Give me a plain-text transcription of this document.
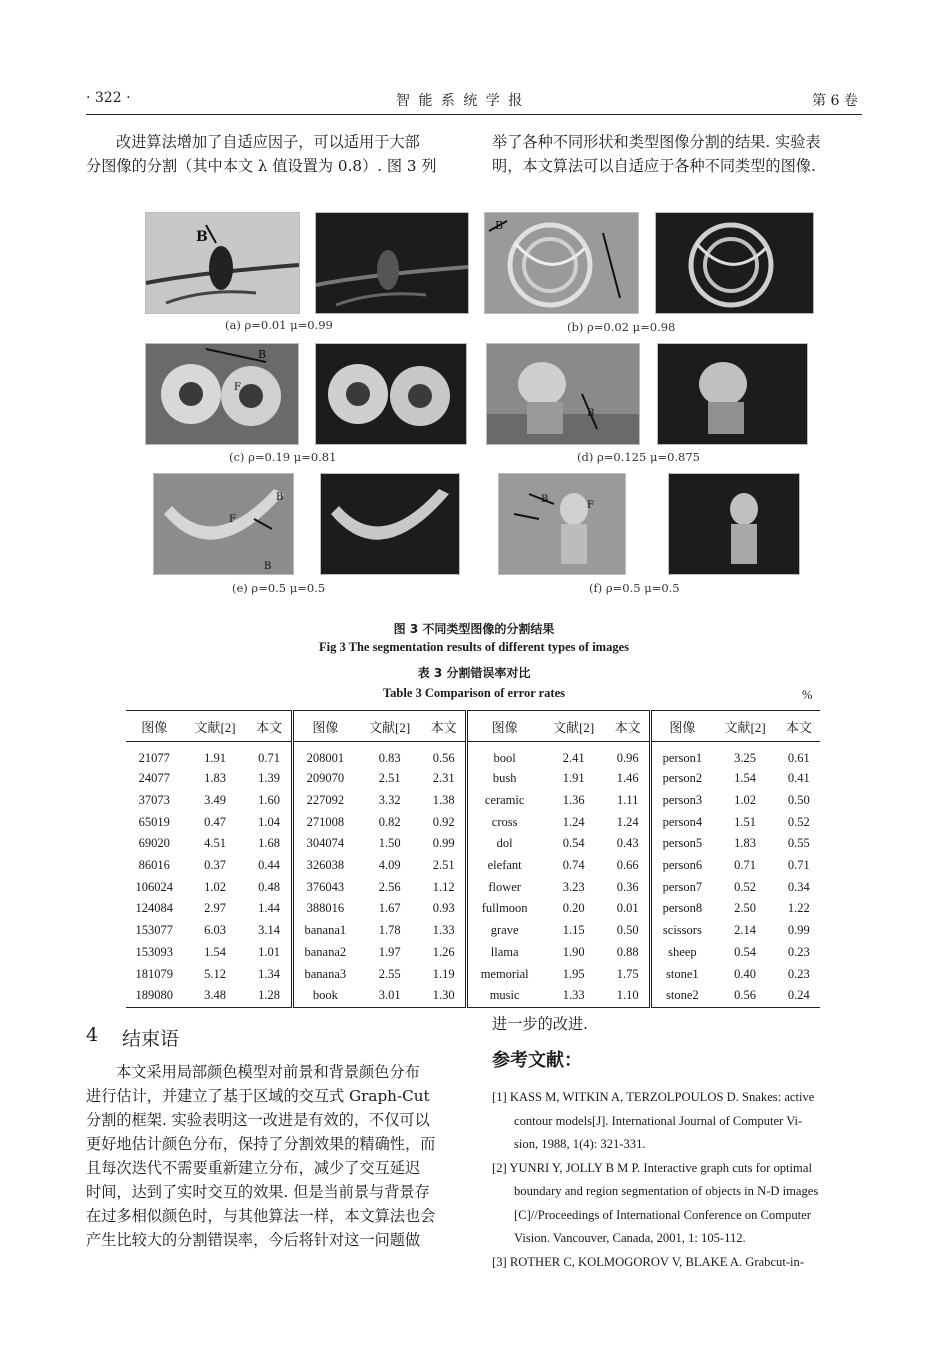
· 322 ·	智 能 系 统 学 报	第 6 卷
改进算法增加了自适应因子，可以适用于大部
分图像的分割（其中本文 λ 值设置为 0.8）. 图 3 列
举了各种不同形状和类型图像分割的结果. 实验表
明，本文算法可以自适应于各种不同类型的图像.
B
B
(a) ρ=0.01 μ=0.99	(b) ρ=0.02 μ=0.98
B
F
B
(c) ρ=0.19 μ=0.81	(d) ρ=0.125 μ=0.875
B
F
B
B
F
(e) ρ=0.5 μ=0.5	(f) ρ=0.5 μ=0.5
图 3 不同类型图像的分割结果
Fig 3 The segmentation results of different types of images
表 3 分割错误率对比
Table 3 Comparison of error rates	%
图像	文献[2]	本文	图像	文献[2]	本文	图像	文献[2]	本文	图像	文献[2]	本文
21077	1.91	0.71	208001	0.83	0.56	bool	2.41	0.96	person1	3.25	0.61
24077	1.83	1.39	209070	2.51	2.31	bush	1.91	1.46	person2	1.54	0.41
37073	3.49	1.60	227092	3.32	1.38	ceramic	1.36	1.11	person3	1.02	0.50
65019	0.47	1.04	271008	0.82	0.92	cross	1.24	1.24	person4	1.51	0.52
69020	4.51	1.68	304074	1.50	0.99	dol	0.54	0.43	person5	1.83	0.55
86016	0.37	0.44	326038	4.09	2.51	elefant	0.74	0.66	person6	0.71	0.71
106024	1.02	0.48	376043	2.56	1.12	flower	3.23	0.36	person7	0.52	0.34
124084	2.97	1.44	388016	1.67	0.93	fullmoon	0.20	0.01	person8	2.50	1.22
153077	6.03	3.14	banana1	1.78	1.33	grave	1.15	0.50	scissors	2.14	0.99
153093	1.54	1.01	banana2	1.97	1.26	llama	1.90	0.88	sheep	0.54	0.23
181079	5.12	1.34	banana3	2.55	1.19	memorial	1.95	1.75	stone1	0.40	0.23
189080	3.48	1.28	book	3.01	1.30	music	1.33	1.10	stone2	0.56	0.24
4 结束语
本文采用局部颜色模型对前景和背景颜色分布
进行估计，并建立了基于区域的交互式 Graph-Cut
分割的框架. 实验表明这一改进是有效的，不仅可以
更好地估计颜色分布，保持了分割效果的精确性，而
且每次迭代不需要重新建立分布，减少了交互延迟
时间，达到了实时交互的效果. 但是当前景与背景存
在过多相似颜色时，与其他算法一样，本文算法也会
产生比较大的分割错误率，今后将针对这一问题做
进一步的改进.
参考文献：
[1] KASS M, WITKIN A, TERZOLPOULOS D. Snakes: active
contour models[J]. International Journal of Computer Vi-
sion, 1988, 1(4): 321-331.
[2] YUNRI Y, JOLLY B M P. Interactive graph cuts for optimal
boundary and region segmentation of objects in N-D images
[C]//Proceedings of International Conference on Computer
Vision. Vancouver, Canada, 2001, 1: 105-112.
[3] ROTHER C, KOLMOGOROV V, BLAKE A. Grabcut-in-
